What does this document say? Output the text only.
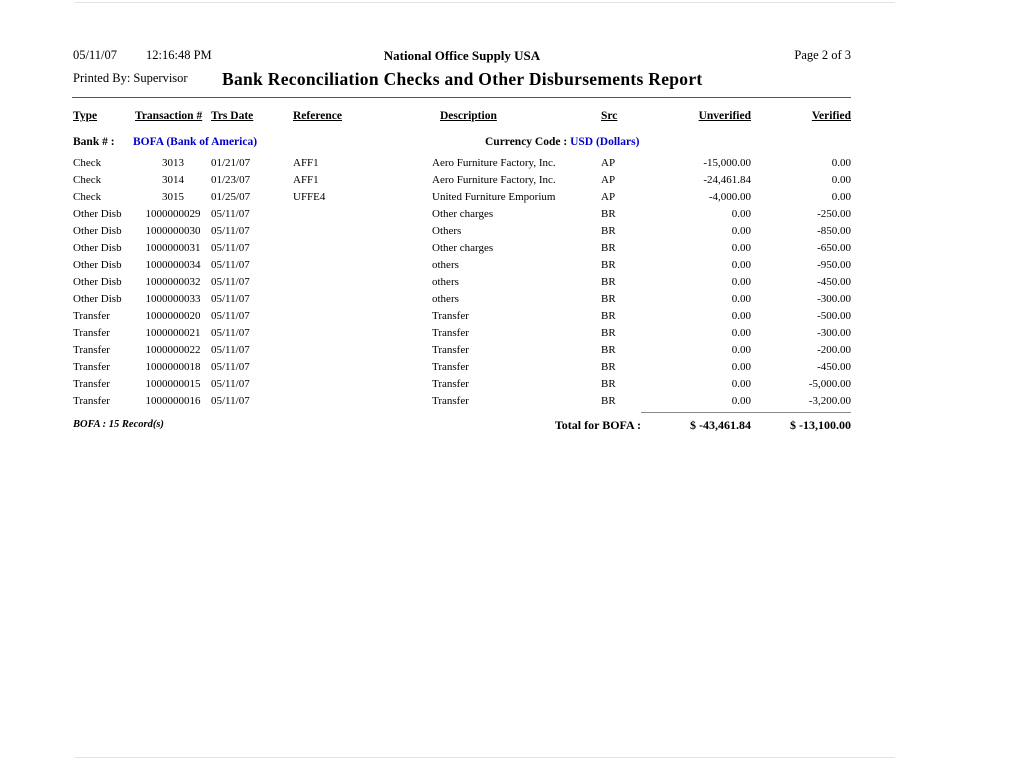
05/11/07 12:16:48 PM	National Office Supply USA	Page 2 of 3
Printed By: Supervisor Bank Reconciliation Checks and Other Disbursements Report
Type	Transaction #	Trs Date	Reference	Description	Src	Unverified	Verified
Bank # : BOFA (Bank of America) Currency Code : USD (Dollars)							

Check	3013	01/21/07	AFF1	Aero Furniture Factory, Inc.	AP	-15,000.00	0.00
Check	3014	01/23/07	AFF1	Aero Furniture Factory, Inc.	AP	-24,461.84	0.00
Check	3015	01/25/07	UFFE4	United Furniture Emporium	AP	-4,000.00	0.00
Other Disb	1000000029	05/11/07		Other charges	BR	0.00	-250.00
Other Disb	1000000030	05/11/07		Others	BR	0.00	-850.00
Other Disb	1000000031	05/11/07		Other charges	BR	0.00	-650.00
Other Disb	1000000034	05/11/07		others	BR	0.00	-950.00
Other Disb	1000000032	05/11/07		others	BR	0.00	-450.00
Other Disb	1000000033	05/11/07		others	BR	0.00	-300.00
Transfer	1000000020	05/11/07		Transfer	BR	0.00	-500.00
Transfer	1000000021	05/11/07		Transfer	BR	0.00	-300.00
Transfer	1000000022	05/11/07		Transfer	BR	0.00	-200.00
Transfer	1000000018	05/11/07		Transfer	BR	0.00	-450.00
Transfer	1000000015	05/11/07		Transfer	BR	0.00	-5,000.00
Transfer	1000000016	05/11/07		Transfer	BR	0.00	-3,200.00
BOFA : 15 Record(s)				Total for BOFA :		$ -43,461.84	$ -13,100.00
